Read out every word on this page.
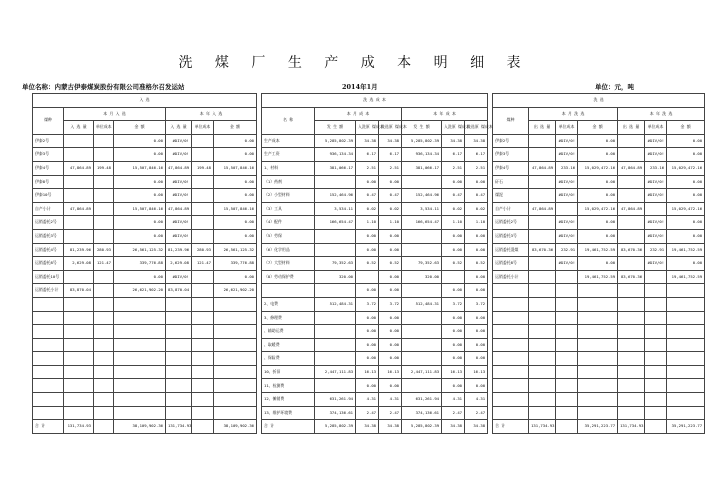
洗 煤 厂 生 产 成 本 明 细 表
单位名称：内蒙古伊泰煤炭股份有限公司准格尔召发运站	2014年1月	单位：元，吨
入 选								洗 选 成 本								洗 选						
煤种	本 月 入 选			本 年 入 选				名 称	本 月 成 本			本 年 成 本				煤种	本 月 洗 选			本 年 洗 选		
	入 选 量	单位成本	金 额	入 选 量	单位成本	金 额			发 生 额	入洗原 煤成本	洗选原 煤成本	发 生 额	入洗原 煤成本	洗选原 煤成本			出 选 量	单位成本	金 额	出 选 量	单位成本	金 额
伊泰2号			0.00	#DIV/0!		0.00		生产成本	5,285,802.39	34.38	34.38	5,285,802.39	34.38	34.38		伊泰2号		#DIV/0!	0.00		#DIV/0!	0.00
伊泰3号			0.00	#DIV/0!		0.00		生产工资	936,134.34	6.17	6.17	936,134.34	6.17	6.17		伊泰3号		#DIV/0!	0.00		#DIV/0!	0.00
伊泰4号	47,864.89	199.48	15,507,846.16	47,864.89	199.48	15,507,846.16		1、材料	381,066.17	2.51	2.51	381,066.17	2.51	2.51		伊泰4号	47,864.89	233.16	15,029,472.16	47,864.89	233.16	15,029,472.16
伊泰8号			0.00	#DIV/0!		0.00		（1）药剂		0.00	0.00		0.00	0.00		矸石		#DIV/0!	0.00		#DIV/0!	0.00
伊泰10号			0.00	#DIV/0!		0.00		（2）小型材料	152,464.96	0.47	0.47	152,464.96	0.47	0.47		煤泥		#DIV/0!	0.00		#DIV/0!	0.00
自产小计	47,864.89		15,507,846.16	47,864.89		15,507,846.16		（3）工具	3,534.11	0.02	0.02	3,534.11	0.02	0.02		自产小计	47,864.89		15,029,472.16	47,864.89		15,029,472.16
运销委托2号			0.00	#DIV/0!		0.00		（4）配件	166,654.47	1.10	1.10	166,654.47	1.10	1.10		运销委托2号		#DIV/0!	0.00		#DIV/0!	0.00
运销委托3号			0.00	#DIV/0!		0.00		（5）劳保		0.00	0.00		0.00	0.00		运销委托3号		#DIV/0!	0.00		#DIV/0!	0.00
运销委托4号	81,239.96	280.93	26,561,125.32	81,239.96	280.93	26,561,125.32		（6）化学用品		0.00	0.00		0.00	0.00		运销委托混煤	83,670.36	232.91	19,461,752.59	83,670.36	232.91	19,461,752.59
运销委托8号	2,629.08	121.47	339,776.88	2,629.08	121.47	339,776.88		（7）大型材料	79,352.63	0.52	0.52	79,352.63	0.52	0.52		运销委托8号		#DIV/0!	0.00		#DIV/0!	0.00
运销委托10号			0.00	#DIV/0!		0.00		（8）劳动保护费	320.00		0.00	320.00		0.00		运销委托小计			19,461,752.59	83,670.36		19,461,752.59
运销委托小计	83,870.04		26,621,902.20	83,870.04		26,621,902.20				0.00	0.00		0.00	0.00								
								2、电费	512,484.31	3.72	3.72	512,484.31	3.72	3.72								
								3、修理费		0.00	0.00		0.00	0.00								
								、辅助运费		0.00	0.00		0.00	0.00								
								、取暖费		0.00	0.00		0.00	0.00								
								、保险费		0.00	0.00		0.00	0.00								
								10、折旧	2,447,111.83	16.13	16.13	2,447,111.83	16.13	16.13								
								11、检测费		0.00	0.00		0.00	0.00								
								12、摊销费	631,261.94	4.31	4.31	631,261.94	4.31	4.31								
								13、维护环境费	374,136.61	2.47	2.47	374,136.61	2.47	2.47								
合 计	131,734.93		38,109,902.36	131,734.93		38,109,902.36		合 计	5,285,802.39	34.38	34.38	5,285,802.39	34.38	34.38		合 计	131,734.93		35,291,223.77	131,734.93		35,291,223.77
